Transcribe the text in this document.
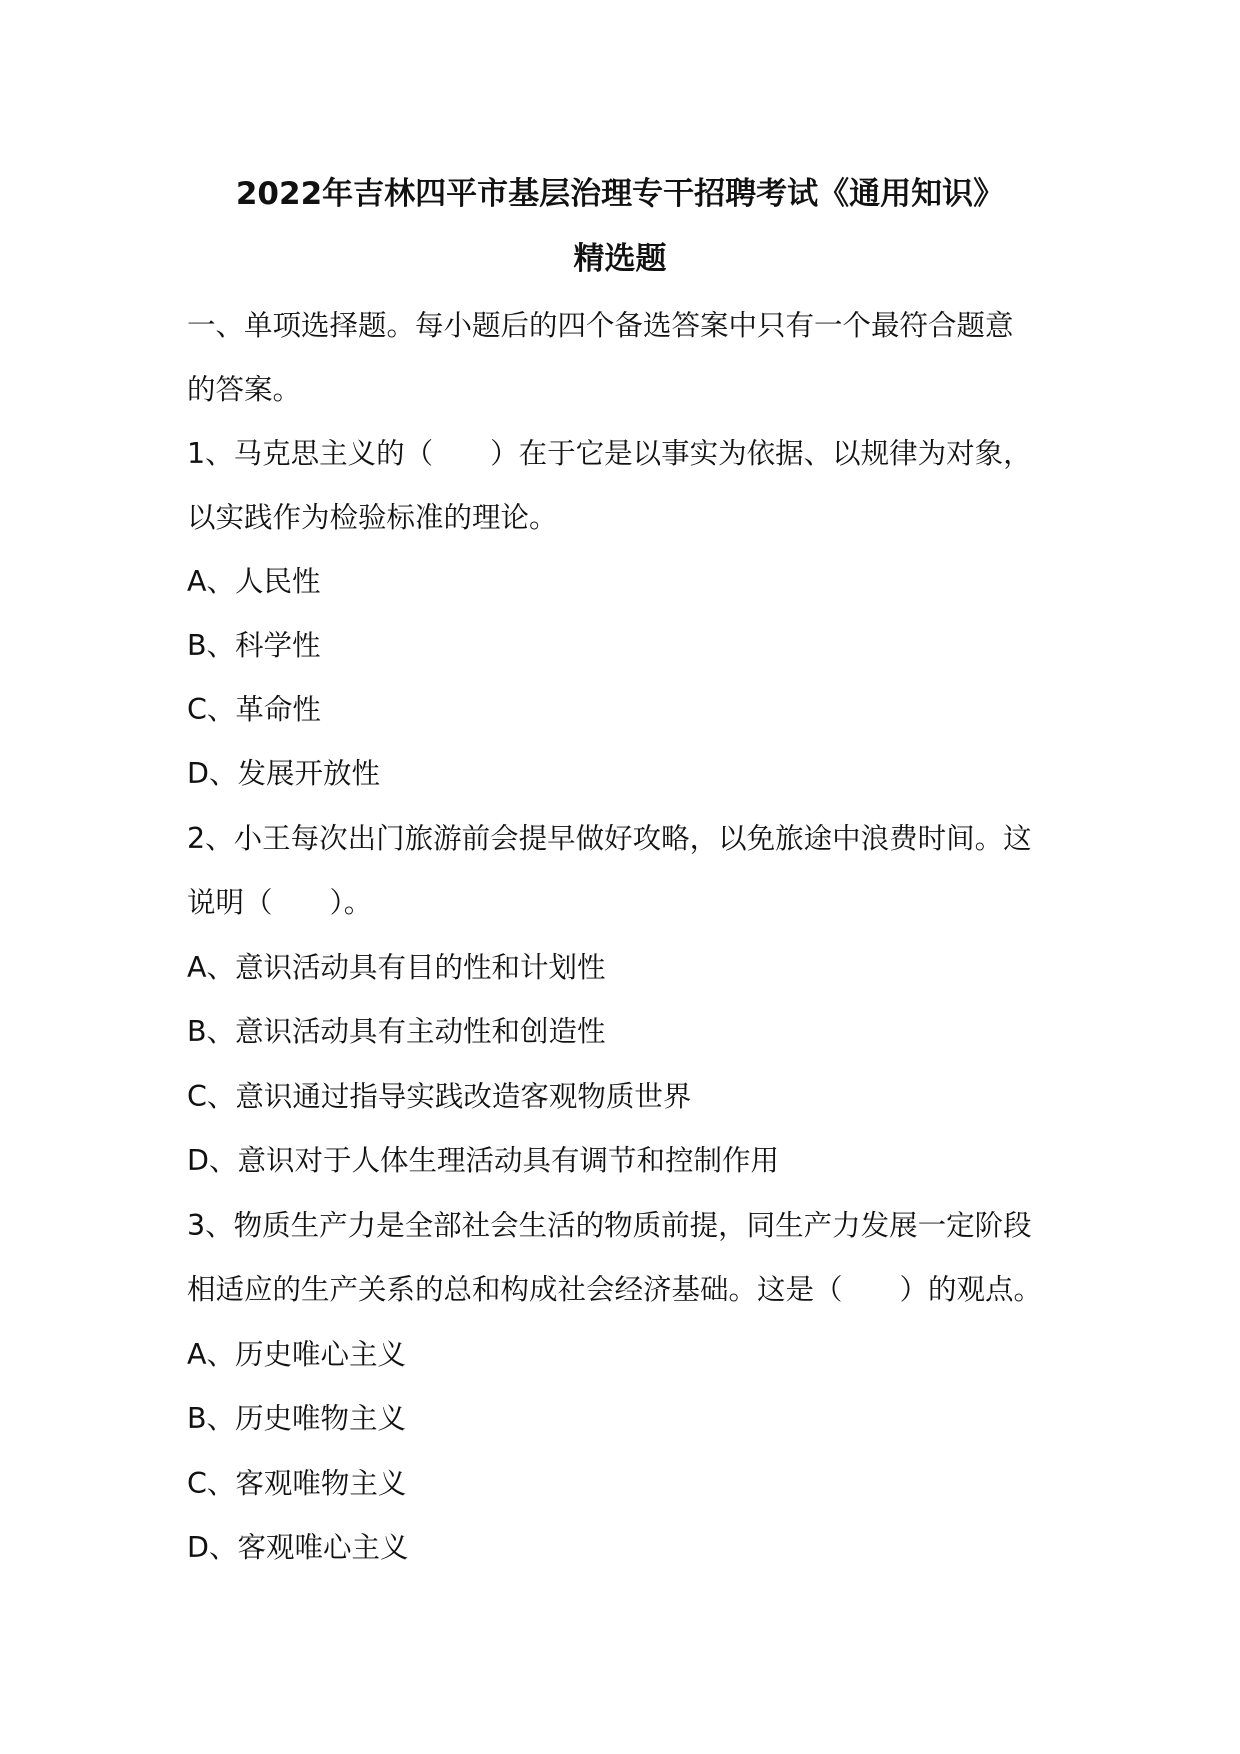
2022年吉林四平市基层治理专干招聘考试《通用知识》
精选题

一、单项选择题。每小题后的四个备选答案中只有一个最符合题意

的答案。

1、马克思主义的（　　）在于它是以事实为依据、以规律为对象，

以实践作为检验标准的理论。

A、人民性

B、科学性

C、革命性

D、发展开放性

2、小王每次出门旅游前会提早做好攻略，以免旅途中浪费时间。这

说明（　　）。

A、意识活动具有目的性和计划性

B、意识活动具有主动性和创造性

C、意识通过指导实践改造客观物质世界

D、意识对于人体生理活动具有调节和控制作用

3、物质生产力是全部社会生活的物质前提，同生产力发展一定阶段

相适应的生产关系的总和构成社会经济基础。这是（　　）的观点。

A、历史唯心主义

B、历史唯物主义

C、客观唯物主义

D、客观唯心主义
